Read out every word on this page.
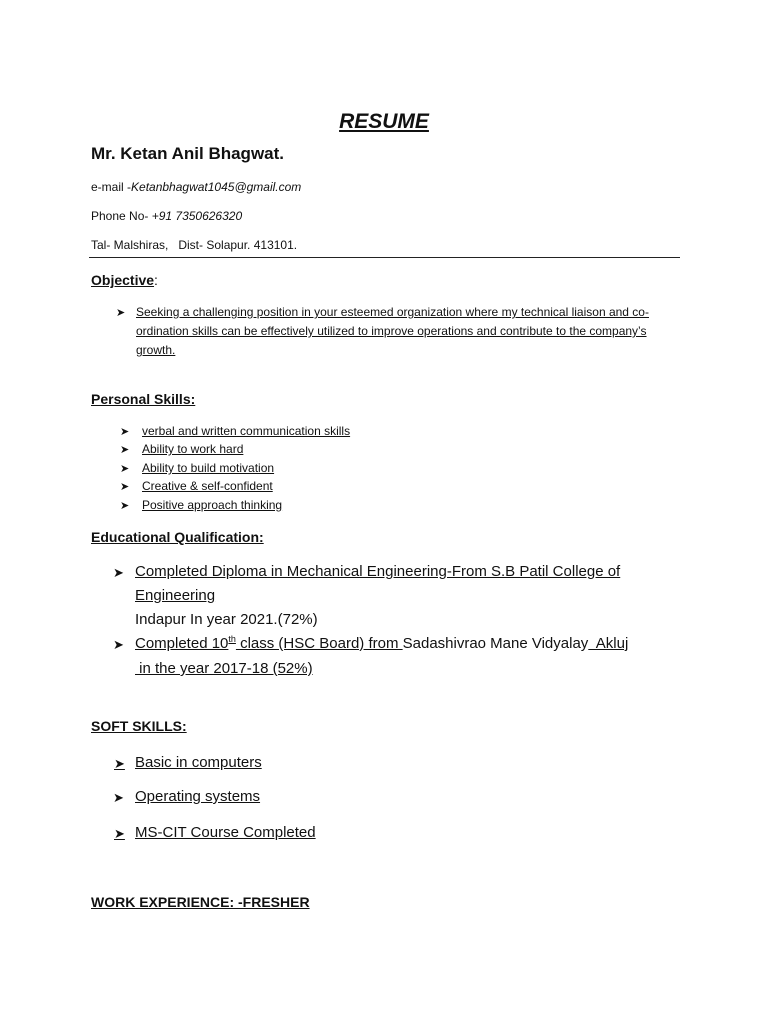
RESUME
Mr. Ketan Anil Bhagwat.
e-mail -Ketanbhagwat1045@gmail.com
Phone No- +91 7350626320
Tal- Malshiras,   Dist- Solapur. 413101.
Objective:
➤ Seeking a challenging position in your esteemed organization where my technical liaison and co-ordination skills can be effectively utilized to improve operations and contribute to the company’s growth.
Personal Skills:
➤ verbal and written communication skills
➤ Ability to work hard
➤ Ability to build motivation
➤ Creative & self-confident
➤ Positive approach thinking
Educational Qualification:
➤ Completed Diploma in Mechanical Engineering-From S.B Patil College of
Engineering
Indapur In year 2021.(72%)
➤ Completed 10th class (HSC Board) from Sadashivrao Mane Vidyalay  Akluj
in the year 2017-18 (52%)
SOFT SKILLS:
➤ Basic in computers
➤ Operating systems
➤ MS-CIT Course Completed
WORK EXPERIENCE: -FRESHER
